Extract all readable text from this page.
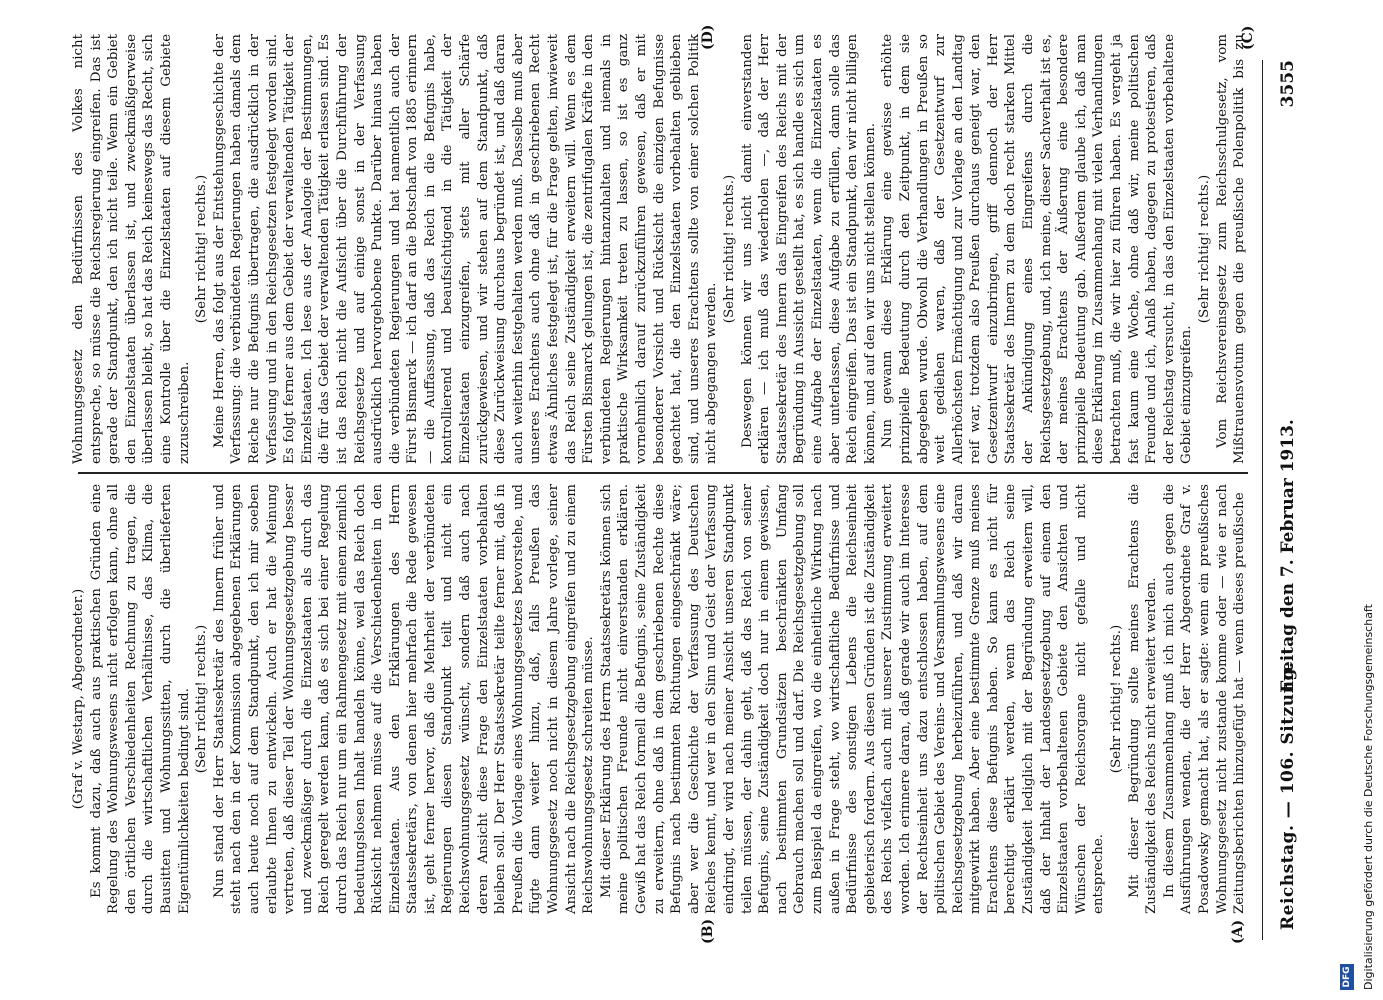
Reichstag. — 106. Sitzung.
Freitag den 7. Februar 1913.  3555
(A)
(B)
(C)
(D)

(Graf v. Westarp, Abgeordneter.) Es kommt dazu, daß auch aus praktischen Gründen eine Regelung des Wohnungswesens nicht erfolgen kann, ohne all den örtlichen Verschiedenheiten Rechnung zu tragen, die durch die wirtschaftlichen Verhältnisse, das Klima, die Bausitten und Wohnungssitten, durch die überlieferten Eigentümlichkeiten bedingt sind. (Sehr richtig! rechts.) Nun stand der Herr Staatssekretär des Innern früher und steht nach den in der Kommission abgegebenen Erklärungen auch heute noch auf dem Standpunkt, den ich mir soeben erlaubte Ihnen zu entwickeln. Auch er hat die Meinung vertreten, daß dieser Teil der Wohnungsgesetzgebung besser und zweckmäßiger durch die Einzelstaaten als durch das Reich geregelt werden kann, daß es sich bei einer Regelung durch das Reich nur um ein Rahmengesetz mit einem ziemlich bedeutungslosen Inhalt handeln könne, weil das Reich doch Rücksicht nehmen müsse auf die Verschiedenheiten in den Einzelstaaten. Aus den Erklärungen des Herrn Staatssekretärs, von denen hier mehrfach die Rede gewesen ist, geht ferner hervor, daß die Mehrheit der verbündeten Regierungen diesen Standpunkt teilt und nicht ein Reichswohnungsgesetz wünscht, sondern daß auch nach deren Ansicht diese Frage den Einzelstaaten vorbehalten bleiben soll. Der Herr Staatssekretär teilte ferner mit, daß in Preußen die Vorlage eines Wohnungsgesetzes bevorstehe, und fügte dann weiter hinzu, daß, falls Preußen das Wohnungsgesetz noch nicht in diesem Jahre vorlege, seiner Ansicht nach die Reichsgesetzgebung eingreifen und zu einem Reichswohnungsgesetz schreiten müsse. Mit dieser Erklärung des Herrn Staatssekretärs können sich meine politischen Freunde nicht einverstanden erklären. Gewiß hat das Reich formell die Befugnis, seine Zuständigkeit zu erweitern, ohne daß in dem geschriebenen Rechte diese Befugnis nach bestimmten Richtungen eingeschränkt wäre; aber wer die Geschichte der Verfassung des Deutschen Reiches kennt, und wer in den Sinn und Geist der Verfassung eindringt, der wird nach meiner Ansicht unseren Standpunkt teilen müssen, der dahin geht, daß das Reich von seiner Befugnis, seine Zuständigkeit doch nur in einem gewissen, nach bestimmten Grundsätzen beschränkten Umfang Gebrauch machen soll und darf. Die Reichsgesetzgebung soll zum Beispiel da eingreifen, wo die einheitliche Wirkung nach außen in Frage steht, wo wirtschaftliche Bedürfnisse und Bedürfnisse des sonstigen Lebens die Reichseinheit gebieterisch fordern. Aus diesen Gründen ist die Zuständigkeit des Reichs vielfach auch mit unserer Zustimmung erweitert worden. Ich erinnere daran, daß gerade wir auch im Interesse der Rechtseinheit uns dazu entschlossen haben, auf dem politischen Gebiet des Vereins- und Versammlungswesens eine Reichsgesetzgebung herbeizuführen, und daß wir daran mitgewirkt haben. Aber eine bestimmte Grenze muß meines Erachtens diese Befugnis haben. So kann es nicht für berechtigt erklärt werden, wenn das Reich seine Zuständigkeit lediglich mit der Begründung erweitern will, daß der Inhalt der Landesgesetzgebung auf einem den Einzelstaaten vorbehaltenen Gebiete den Ansichten und Wünschen der Reichsorgane nicht gefalle und nicht entspreche.

(Sehr richtig! rechts.) Mit dieser Begründung sollte meines Erachtens die Zuständigkeit des Reichs nicht erweitert werden. In diesem Zusammenhang muß ich mich auch gegen die Ausführungen wenden, die der Herr Abgeordnete Graf v. Posadowsky gemacht hat, als er sagte: wenn ein preußisches Wohnungsgesetz nicht zustande komme oder — wie er nach Zeitungsberichten hinzugefügt hat — wenn dieses preußische

Wohnungsgesetz den Bedürfnissen des Volkes nicht entspreche, so müsse die Reichsregierung eingreifen. Das ist gerade der Standpunkt, den ich nicht teile. Wenn ein Gebiet den Einzelstaaten überlassen ist, und zweckmäßigerweise überlassen bleibt, so hat das Reich keineswegs das Recht, sich eine Kontrolle über die Einzelstaaten auf diesem Gebiete zuzuschreiben.

(Sehr richtig! rechts.) Meine Herren, das folgt aus der Entstehungsgeschichte der Verfassung: die verbündeten Regierungen haben damals dem Reiche nur die Befugnis übertragen, die ausdrücklich in der Verfassung und in den Reichsgesetzen festgelegt worden sind. Es folgt ferner aus dem Gebiet der verwaltenden Tätigkeit der Einzelstaaten. Ich lese aus der Analogie der Bestimmungen, die für das Gebiet der verwaltenden Tätigkeit erlassen sind. Es ist das Reich nicht die Aufsicht über die Durchführung der Reichsgesetze und auf einige sonst in der Verfassung ausdrücklich hervorgehobene Punkte. Darüber hinaus haben die verbündeten Regierungen und hat namentlich auch der Fürst Bismarck — ich darf an die Botschaft von 1885 erinnern — die Auffassung, daß das Reich in die Befugnis habe, kontrollierend und beaufsichtigend in die Tätigkeit der Einzelstaaten einzugreifen, stets mit aller Schärfe zurückgewiesen, und wir stehen auf dem Standpunkt, daß diese Zurückweisung durchaus begründet ist, und daß daran auch weiterhin festgehalten werden muß. Dasselbe muß aber unseres Erachtens auch ohne daß in geschriebenen Recht etwas Ähnliches festgelegt ist, für die Frage gelten, inwieweit das Reich seine Zuständigkeit erweitern will. Wenn es dem Fürsten Bismarck gelungen ist, die zentrifugalen Kräfte in den verbündeten Regierungen hintanzuhalten und niemals in praktische Wirksamkeit treten zu lassen, so ist es ganz vornehmlich darauf zurückzuführen gewesen, daß er mit besonderer Vorsicht und Rücksicht die einzigen Befugnisse geachtet hat, die den Einzelstaaten vorbehalten geblieben sind, und unseres Erachtens sollte von einer solchen Politik nicht abgegangen werden.

(Sehr richtig! rechts.) Deswegen können wir uns nicht damit einverstanden erklären — ich muß das wiederholen —, daß der Herr Staatssekretär des Innern das Eingreifen des Reichs mit der Begründung in Aussicht gestellt hat, es sich handle es sich um eine Aufgabe der Einzelstaaten, wenn die Einzelstaaten es aber unterlassen, diese Aufgabe zu erfüllen, dann solle das Reich eingreifen. Das ist ein Standpunkt, den wir nicht billigen können, und auf den wir uns nicht stellen können. Nun gewann diese Erklärung eine gewisse erhöhte prinzipielle Bedeutung durch den Zeitpunkt, in dem sie abgegeben wurde. Obwohl die Verhandlungen in Preußen so weit gediehen waren, daß der Gesetzentwurf zur Allerhöchsten Ermächtigung und zur Vorlage an den Landtag reif war, trotzdem also Preußen durchaus geneigt war, den Gesetzentwurf einzubringen, griff dennoch der Herr Staatssekretär des Innern zu dem doch recht starken Mittel der Ankündigung eines Eingreifens durch die Reichsgesetzgebung, und, ich meine, dieser Sachverhalt ist es, der meines Erachtens der Äußerung eine besondere prinzipielle Bedeutung gab. Außerdem glaube ich, daß man diese Erklärung im Zusammenhang mit vielen Verhandlungen betrachten muß, die wir hier zu führen haben. Es vergeht ja fast kaum eine Woche, ohne daß wir, meine politischen Freunde und ich, Anlaß haben, dagegen zu protestieren, daß der Reichstag versucht, in das den Einzelstaaten vorbehaltene Gebiet einzugreifen.

(Sehr richtig! rechts.)

Vom Reichsvereinsgesetz zum Reichsschulgesetz, vom Mißtrauensvotum gegen die preußische Polenpolitik bis zu

DFG Digitalisierung gefördert durch die Deutsche Forschungsgemeinschaft
